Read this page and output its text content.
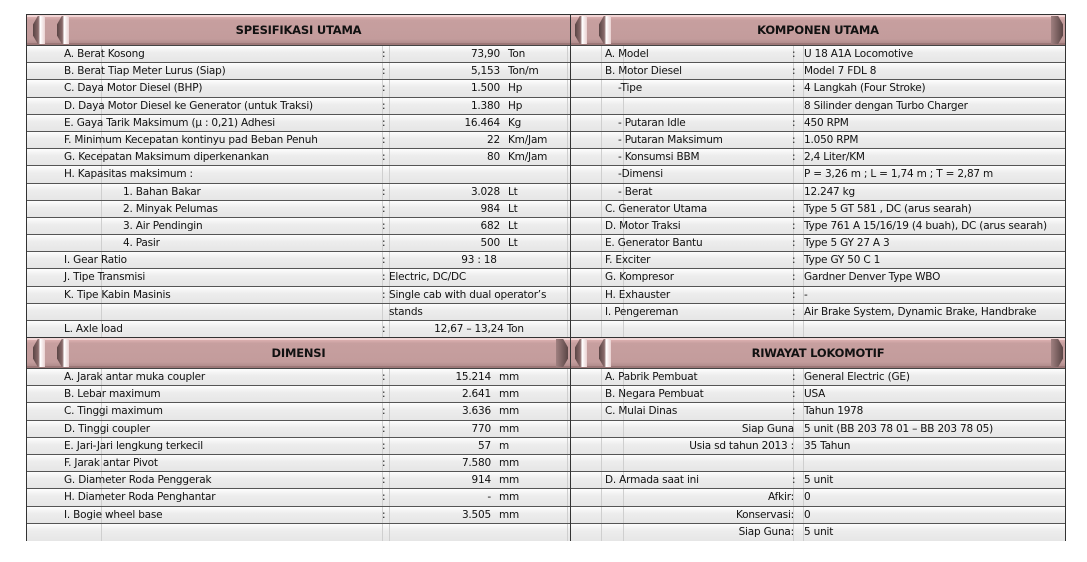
SPESIFIKASI UTAMA
A. Berat Kosong	:	73,90 Ton
B. Berat Tiap Meter Lurus (Siap)	:	5,153 Ton/m
C. Daya Motor Diesel (BHP)	:	1.500 Hp
D. Daya Motor Diesel ke Generator (untuk Traksi)	:	1.380 Hp
E. Gaya Tarik Maksimum (µ : 0,21) Adhesi	:	16.464 Kg
F. Minimum Kecepatan kontinyu pad Beban Penuh	:	22 Km/Jam
G. Kecepatan Maksimum diperkenankan	:	80 Km/Jam
H. Kapasitas maksimum :
1. Bahan Bakar	:	3.028 Lt
2. Minyak Pelumas	:	984 Lt
3. Air Pendingin	:	682 Lt
4. Pasir	:	500 Lt
I. Gear Ratio	:	93 : 18
J. Tipe Transmisi	: Electric, DC/DC
K. Tipe Kabin Masinis	: Single cab with dual operator’s
stands
L. Axle load	:	12,67 – 13,24 Ton
KOMPONEN UTAMA
A. Model	: U 18 A1A Locomotive
B. Motor Diesel	: Model 7 FDL 8
-Tipe	: 4 Langkah (Four Stroke)
8 Silinder dengan Turbo Charger
- Putaran Idle	: 450 RPM
- Putaran Maksimum	: 1.050 RPM
- Konsumsi BBM	: 2,4 Liter/KM
-Dimensi	P = 3,26 m ; L = 1,74 m ; T = 2,87 m
- Berat	12.247 kg
C. Generator Utama	: Type 5 GT 581 , DC (arus searah)
D. Motor Traksi	: Type 761 A 15/16/19 (4 buah), DC (arus searah)
E. Generator Bantu	: Type 5 GY 27 A 3
F. Exciter	: Type GY 50 C 1
G. Kompresor	: Gardner Denver Type WBO
H. Exhauster	: -
I. Pengereman	: Air Brake System, Dynamic Brake, Handbrake
DIMENSI
A. Jarak antar muka coupler	:	15.214 mm
B. Lebar maximum	:	2.641 mm
C. Tinggi maximum	:	3.636 mm
D. Tinggi coupler	:	770 mm
E. Jari-Jari lengkung terkecil	:	57 m
F. Jarak antar Pivot	:	7.580 mm
G. Diameter Roda Penggerak	:	914 mm
H. Diameter Roda Penghantar	:	- mm
I. Bogie wheel base	:	3.505 mm
RIWAYAT LOKOMOTIF
A. Pabrik Pembuat	: General Electric (GE)
B. Negara Pembuat	: USA
C. Mulai Dinas	: Tahun 1978
Siap Guna 5 unit (BB 203 78 01 – BB 203 78 05)
Usia sd tahun 2013 : 35 Tahun
D. Armada saat ini	: 5 unit
Afkir: 0
Konservasi: 0
Siap Guna: 5 unit
